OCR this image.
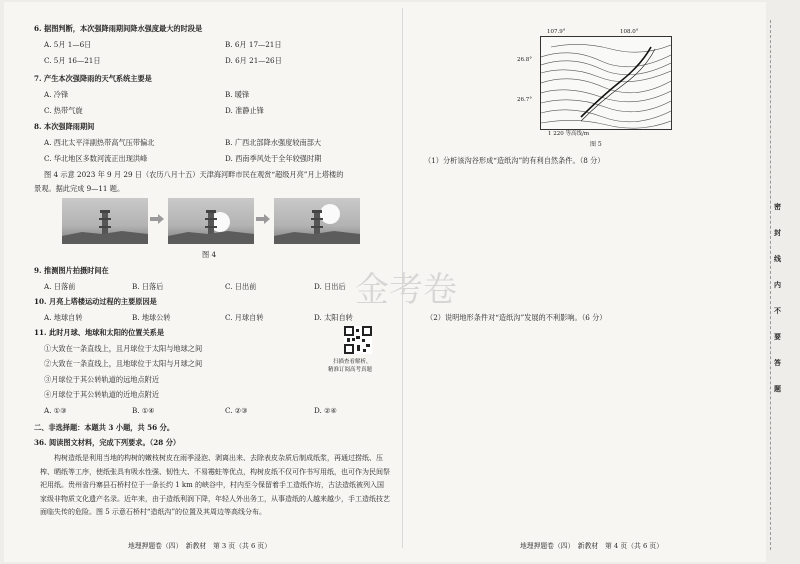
6. 据图判断，本次强降雨期间降水强度最大的时段是
A. 5月 1—6日	B. 6月 17—21日
C. 5月 16—21日	D. 6月 21—26日
7. 产生本次强降雨的天气系统主要是
A. 冷锋	B. 暖锋
C. 热带气旋	D. 准静止锋
8. 本次强降雨期间
A. 西北太平洋副热带高气压带偏北	B. 广西北部降水强度较南部大
C. 华北地区多数河流正出现洪峰	D. 西南季风处于全年较强时期
图 4 示意 2023 年 9 月 29 日（农历八月十五）天津海河畔市民在观赏“超级月亮”月上塔楼的
景观。据此完成 9—11 题。
图 4
9. 推测图片拍摄时间在
A. 日落前	B. 日落后	C. 日出前	D. 日出后
10. 月亮上塔楼运动过程的主要原因是
A. 地球自转	B. 地球公转	C. 月球自转	D. 太阳自转
11. 此时月球、地球和太阳的位置关系是
①大致在一条直线上，且月球位于太阳与地球之间
②大致在一条直线上，且地球位于太阳与月球之间
③月球位于其公转轨道的远地点附近
④月球位于其公转轨道的近地点附近
A. ①③	B. ①④	C. ②③	D. ②④
扫描查看解析，
精准订阅高考真题
二、非选择题：本题共 3 小题，共 56 分。
36. 阅读图文材料，完成下列要求。（28 分）
构树造纸是利用当地的构树的嫩枝树皮在雨季浸泡、剥离出来、去除表皮杂质后制成纸浆，再通过捞纸、压榨、晒纸等工序，使纸张具有吸水性强、韧性大、不易霉蛀等优点，构树皮纸不仅可作书写用纸，也可作为民间祭祀用纸。贵州省丹寨县石桥村位于一条长约 1 km 的峡谷中，村内至今保留着手工造纸作坊，古法造纸被列入国家级非物质文化遗产名录。近年来，由于造纸利润下降，年轻人外出务工，从事造纸的人越来越少，手工造纸技艺面临失传的危险。图 5 示意石桥村“造纸沟”的位置及其周边等高线分布。
地理押题卷（四）　新教材　第 3 页（共 6 页）
107.9°	108.0°
26.8°
26.7°
1 220 等高线/m
图 5
（1）分析该沟谷形成“造纸沟”的有利自然条件。（8 分）
金考卷
（2）说明地形条件对“造纸沟”发展的不利影响。（6 分）
地理押题卷（四）　新教材　第 4 页（共 6 页）
密
封
线
内
不
要
答
题
